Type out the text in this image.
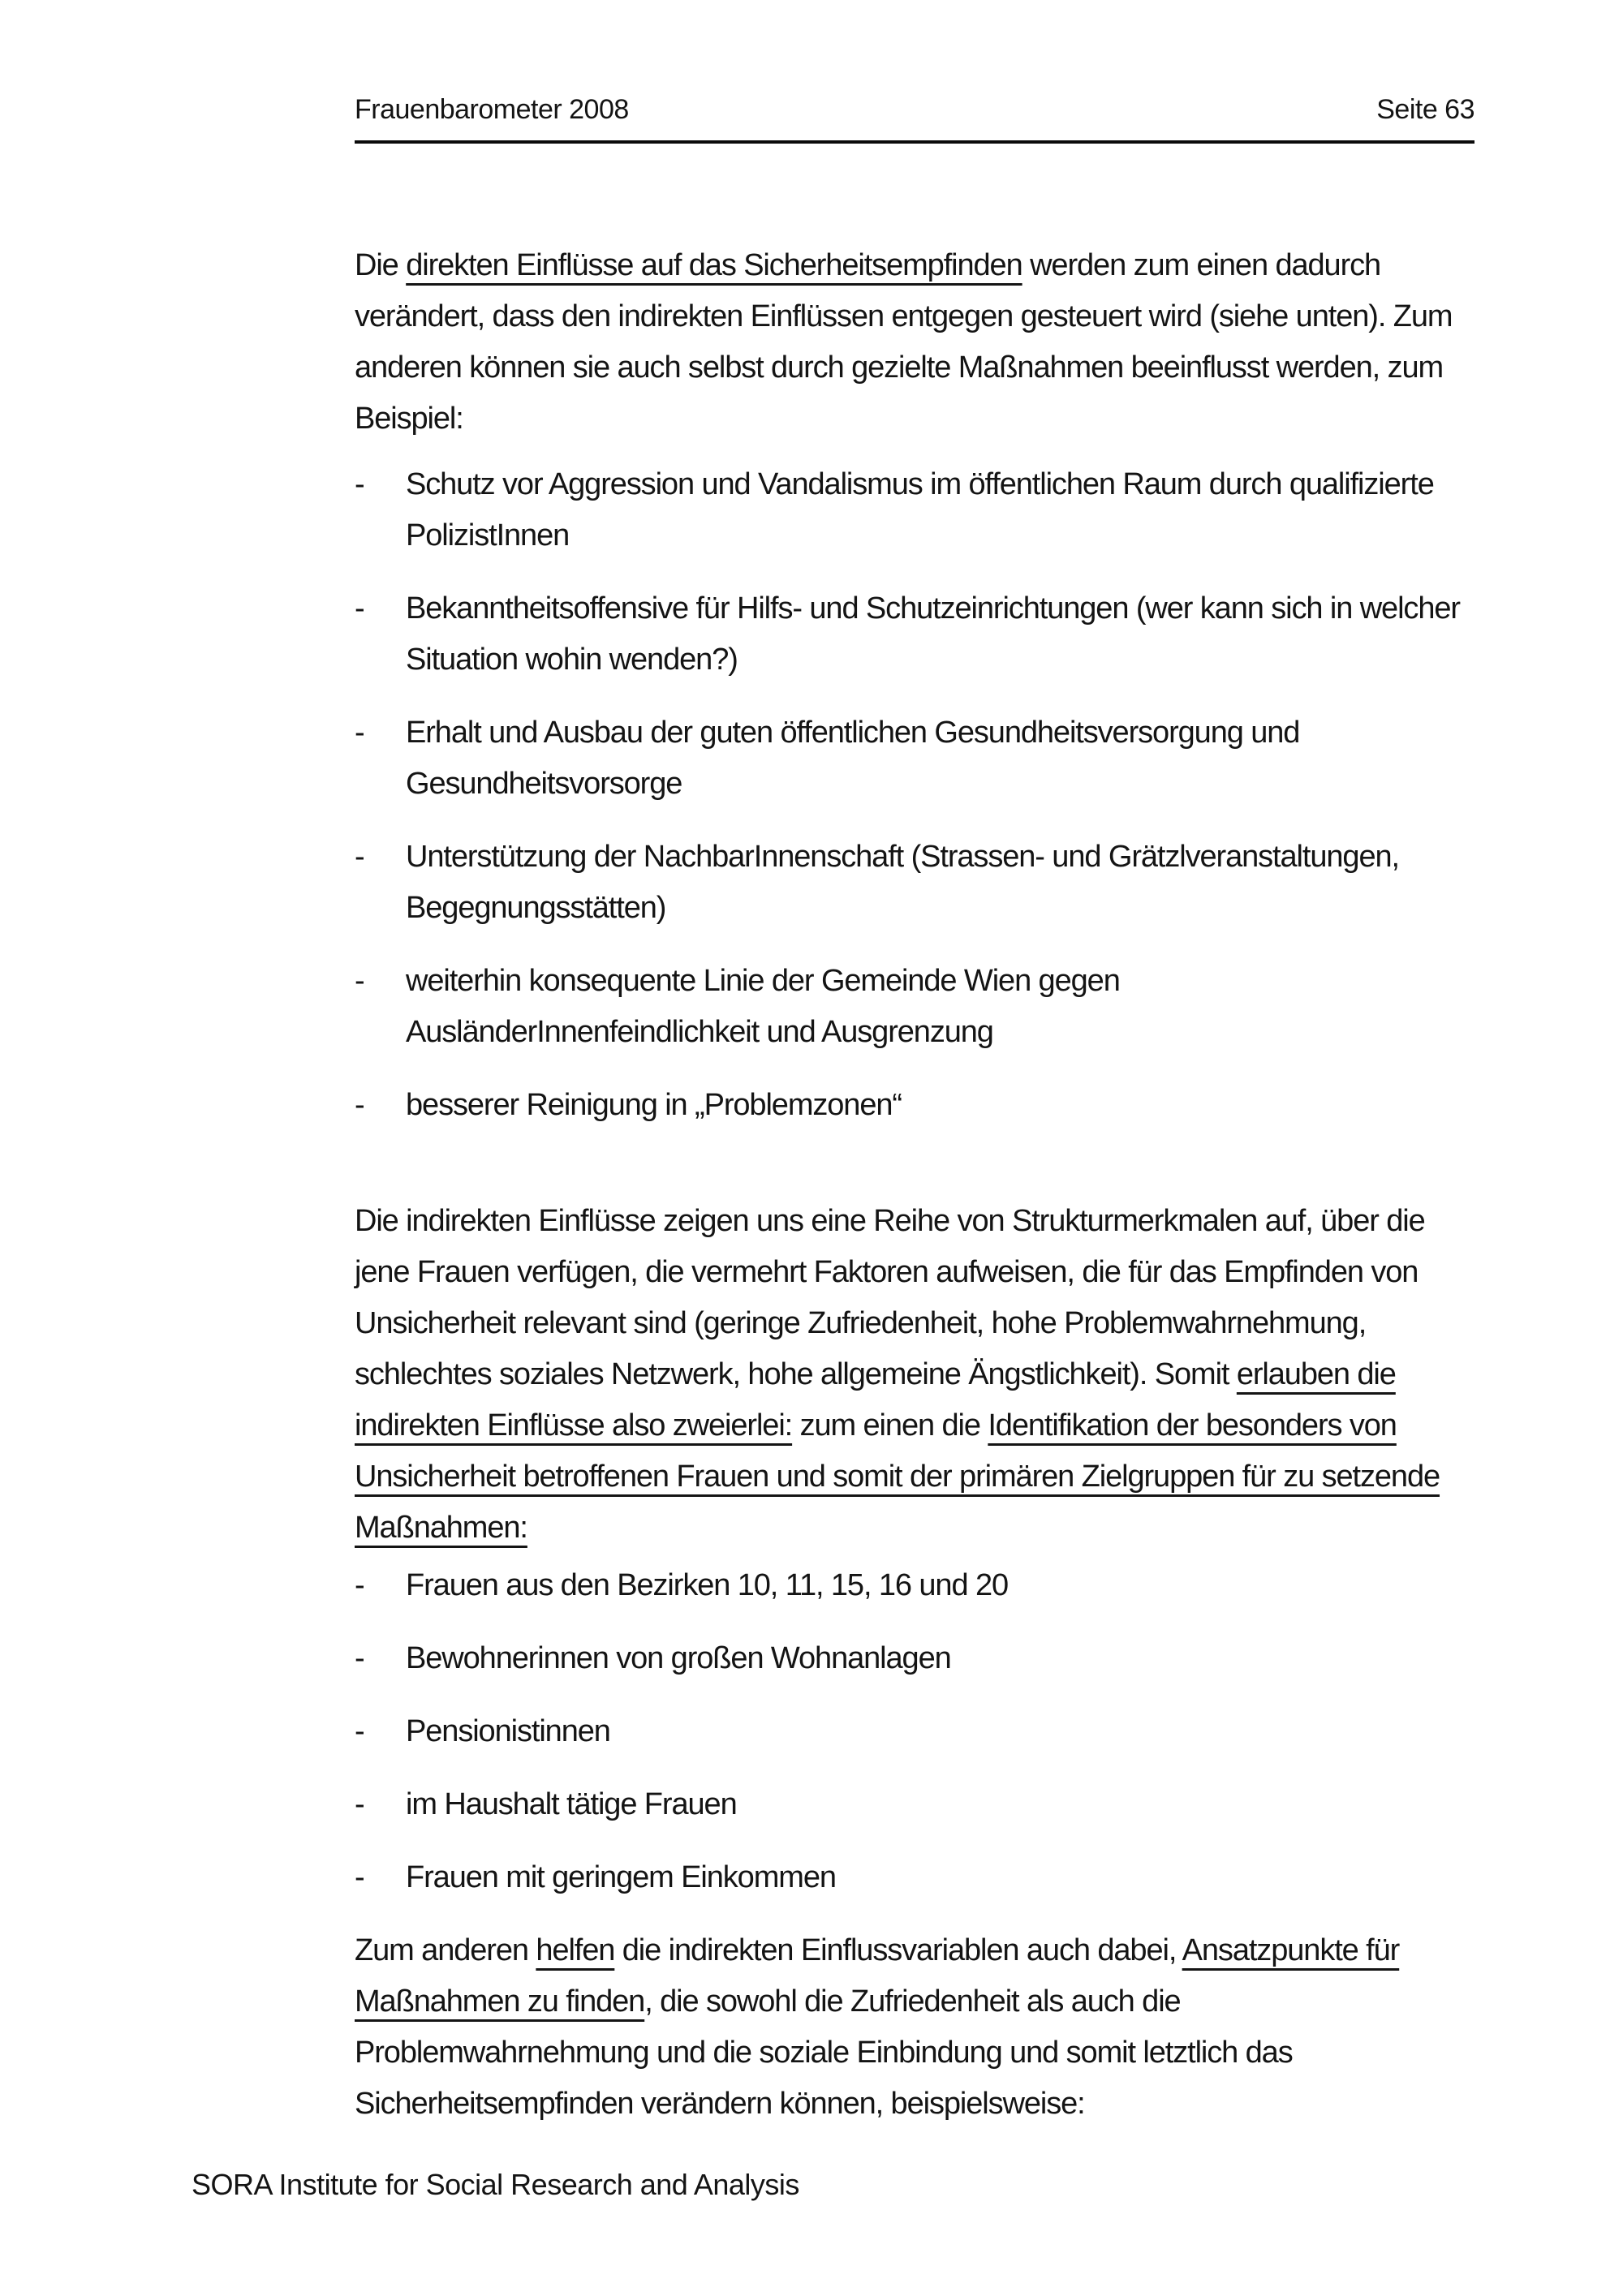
Frauenbarometer 2008	Seite 63

Die direkten Einflüsse auf das Sicherheitsempfinden werden zum einen dadurch verändert, dass den indirekten Einflüssen entgegen gesteuert wird (siehe unten). Zum anderen können sie auch selbst durch gezielte Maßnahmen beeinflusst werden, zum Beispiel:

-	Schutz vor Aggression und Vandalismus im öffentlichen Raum durch qualifizierte PolizistInnen
-	Bekanntheitsoffensive für Hilfs- und Schutzeinrichtungen (wer kann sich in welcher Situation wohin wenden?)
-	Erhalt und Ausbau der guten öffentlichen Gesundheitsversorgung und Gesundheitsvorsorge
-	Unterstützung der NachbarInnenschaft (Strassen- und Grätzlveranstaltungen, Begegnungsstätten)
-	weiterhin konsequente Linie der Gemeinde Wien gegen AusländerInnenfeindlichkeit und Ausgrenzung
-	besserer Reinigung in „Problemzonen“

Die indirekten Einflüsse zeigen uns eine Reihe von Strukturmerkmalen auf, über die jene Frauen verfügen, die vermehrt Faktoren aufweisen, die für das Empfinden von Unsicherheit relevant sind (geringe Zufriedenheit, hohe Problemwahrnehmung, schlechtes soziales Netzwerk, hohe allgemeine Ängstlichkeit). Somit erlauben die indirekten Einflüsse also zweierlei: zum einen die Identifikation der besonders von Unsicherheit betroffenen Frauen und somit der primären Zielgruppen für zu setzende Maßnahmen:

-	Frauen aus den Bezirken 10, 11, 15, 16 und 20
-	Bewohnerinnen von großen Wohnanlagen
-	Pensionistinnen
-	im Haushalt tätige Frauen
-	Frauen mit geringem Einkommen

Zum anderen helfen die indirekten Einflussvariablen auch dabei, Ansatzpunkte für Maßnahmen zu finden, die sowohl die Zufriedenheit als auch die Problemwahrnehmung und die soziale Einbindung und somit letztlich das Sicherheitsempfinden verändern können, beispielsweise:

SORA Institute for Social Research and Analysis
